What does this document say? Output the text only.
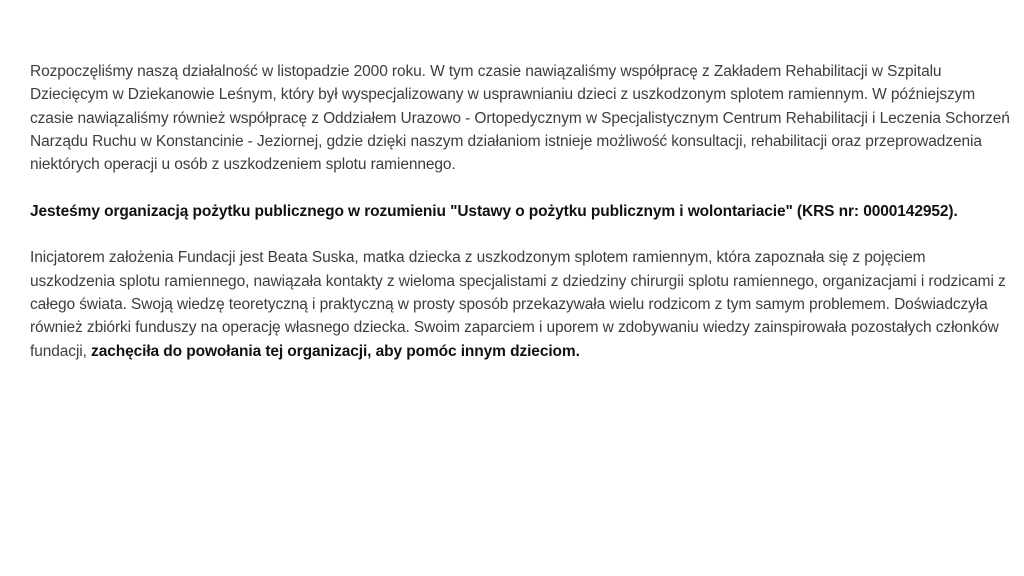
Rozpoczęliśmy naszą działalność w listopadzie 2000 roku. W tym czasie nawiązaliśmy współpracę z Zakładem Rehabilitacji w Szpitalu Dziecięcym w Dziekanowie Leśnym, który był wyspecjalizowany w usprawnianiu dzieci z uszkodzonym splotem ramiennym. W późniejszym czasie nawiązaliśmy również współpracę z Oddziałem Urazowo - Ortopedycznym w Specjalistycznym Centrum Rehabilitacji i Leczenia Schorzeń Narządu Ruchu w Konstancinie - Jeziornej, gdzie dzięki naszym działaniom istnieje możliwość konsultacji, rehabilitacji oraz przeprowadzenia niektórych operacji u osób z uszkodzeniem splotu ramiennego.

Jesteśmy organizacją pożytku publicznego w rozumieniu "Ustawy o pożytku publicznym i wolontariacie" (KRS nr: 0000142952).

Inicjatorem założenia Fundacji jest Beata Suska, matka dziecka z uszkodzonym splotem ramiennym, która zapoznała się z pojęciem uszkodzenia splotu ramiennego, nawiązała kontakty z wieloma specjalistami z dziedziny chirurgii splotu ramiennego, organizacjami i rodzicami z całego świata. Swoją wiedzę teoretyczną i praktyczną w prosty sposób przekazywała wielu rodzicom z tym samym problemem. Doświadczyła również zbiórki funduszy na operację własnego dziecka. Swoim zaparciem i uporem w zdobywaniu wiedzy zainspirowała pozostałych członków fundacji, zachęciła do powołania tej organizacji, aby pomóc innym dzieciom.
